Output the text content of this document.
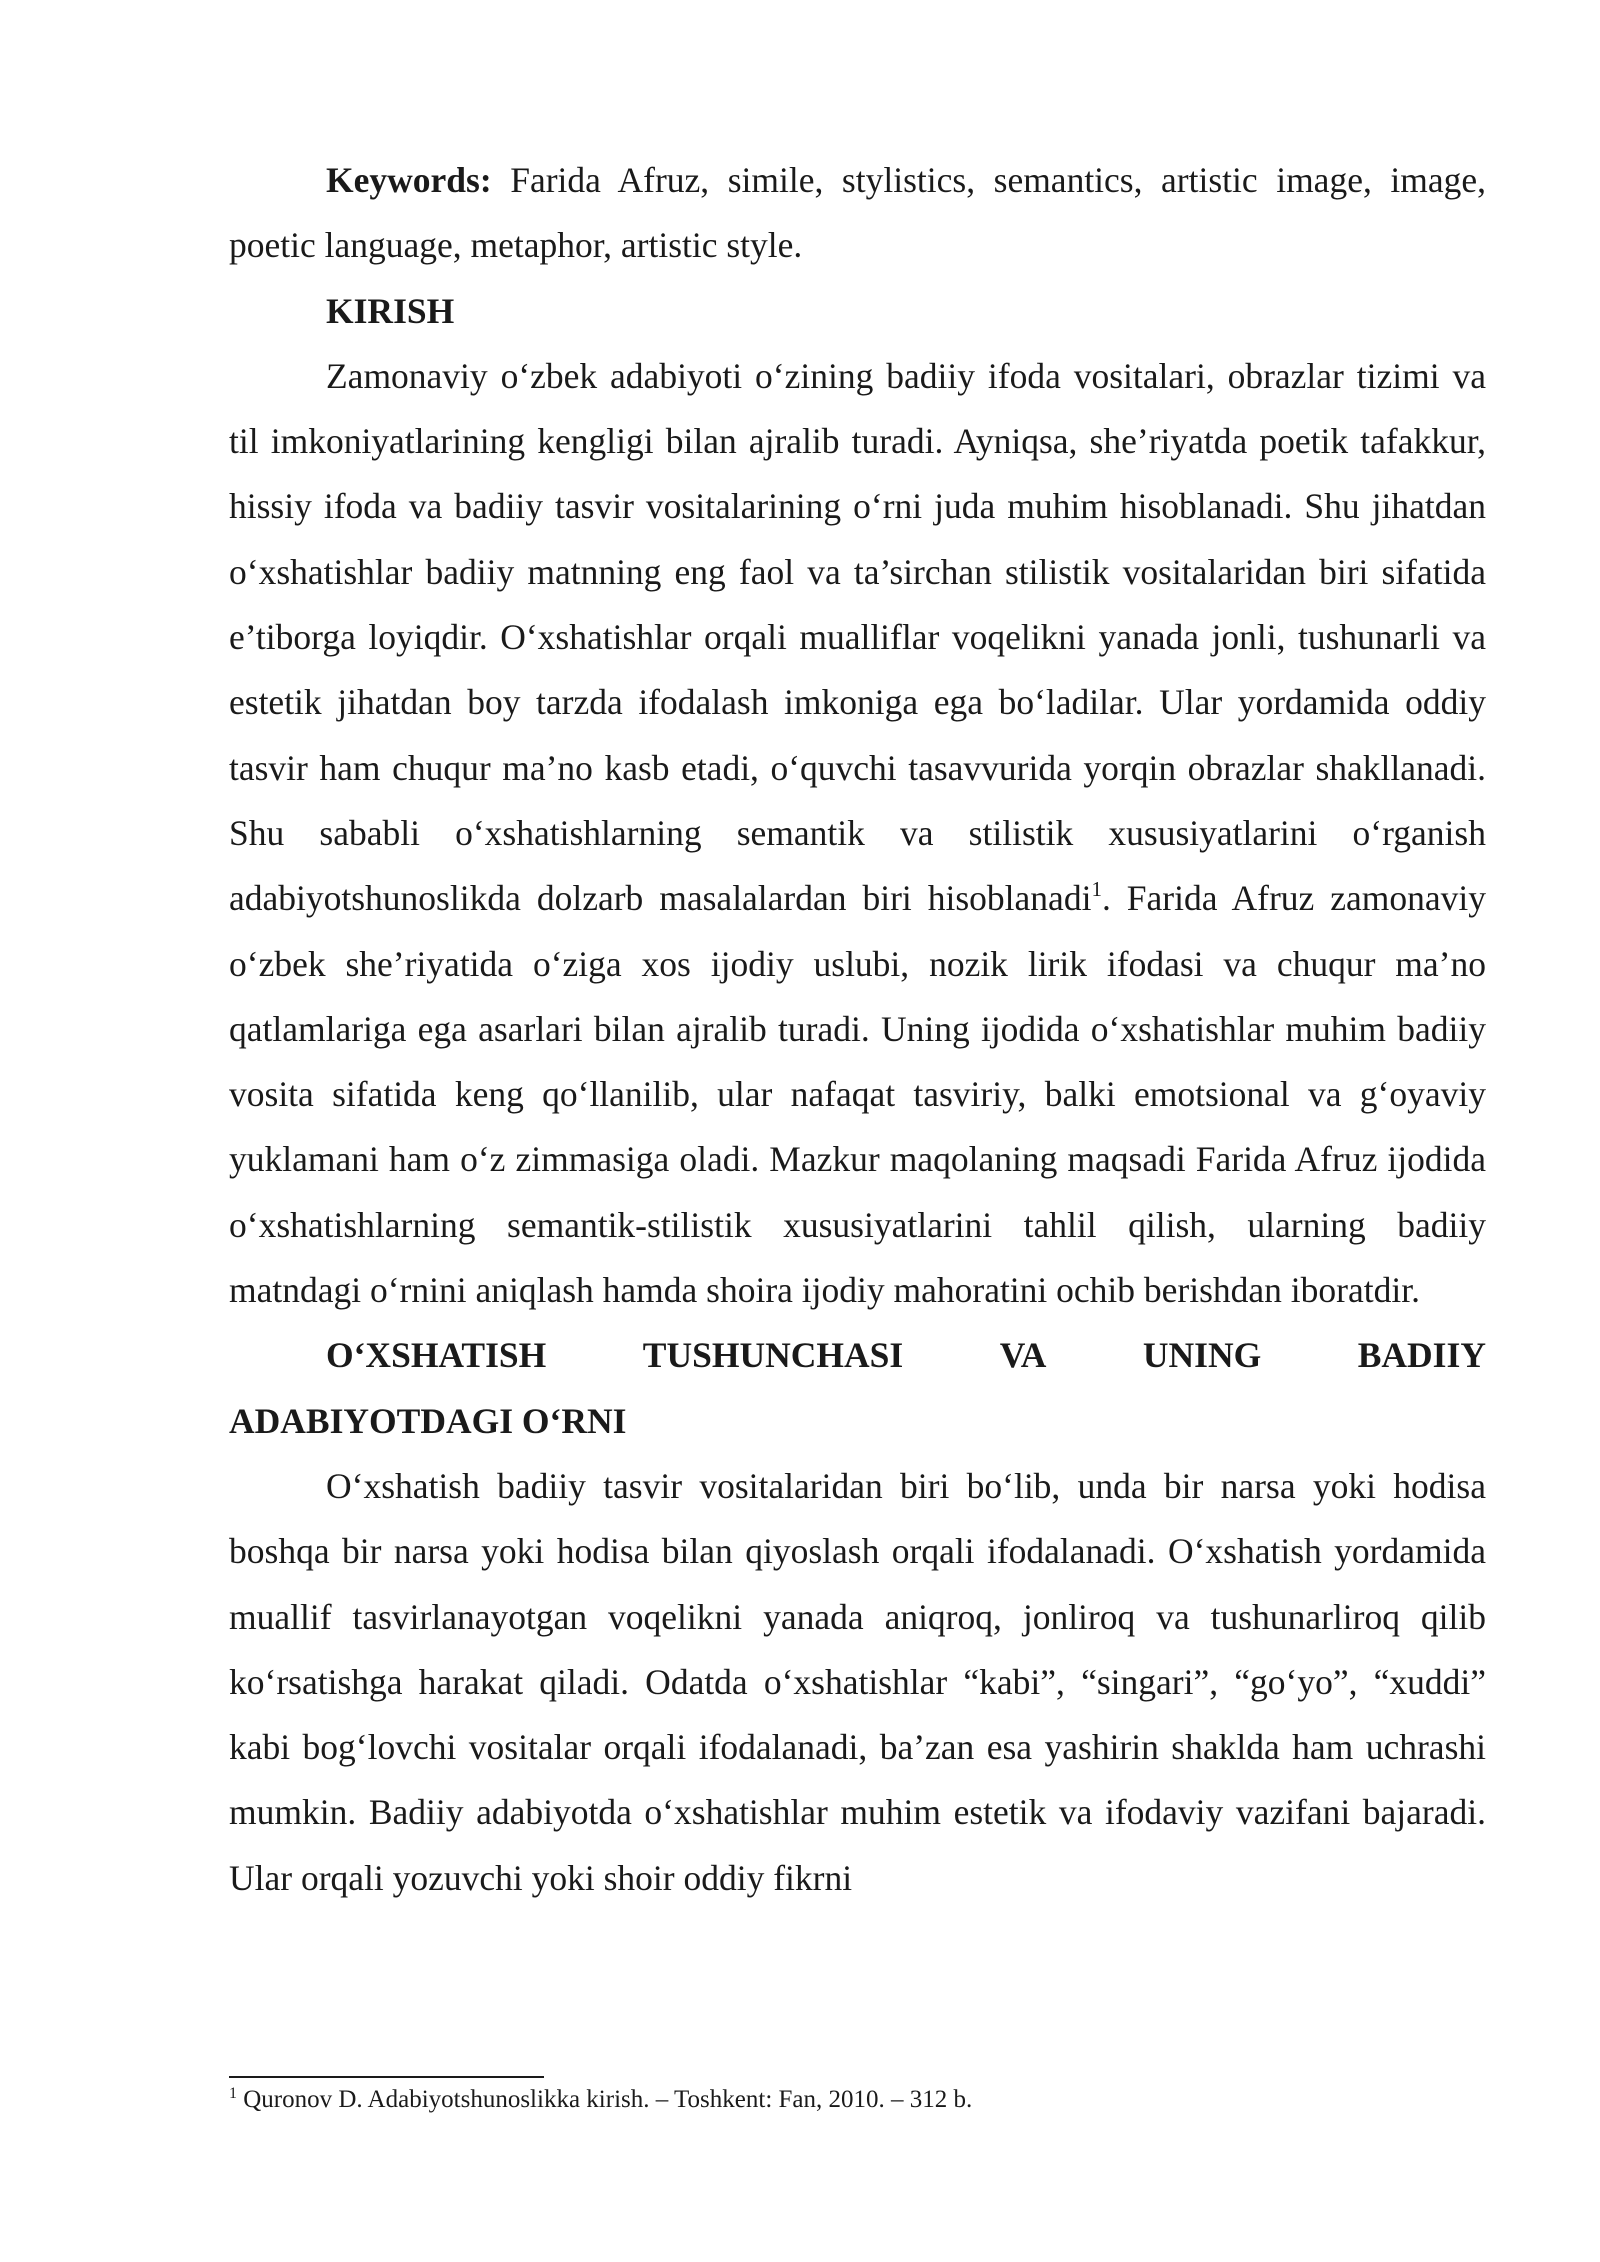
Keywords: Farida Afruz, simile, stylistics, semantics, artistic image, image, poetic language, metaphor, artistic style.

KIRISH

Zamonaviy o‘zbek adabiyoti o‘zining badiiy ifoda vositalari, obrazlar tizimi va til imkoniyatlarining kengligi bilan ajralib turadi. Ayniqsa, she’riyatda poetik tafakkur, hissiy ifoda va badiiy tasvir vositalarining o‘rni juda muhim hisoblanadi. Shu jihatdan o‘xshatishlar badiiy matnning eng faol va ta’sirchan stilistik vositalaridan biri sifatida e’tiborga loyiqdir. O‘xshatishlar orqali mualliflar voqelikni yanada jonli, tushunarli va estetik jihatdan boy tarzda ifodalash imkoniga ega bo‘ladilar. Ular yordamida oddiy tasvir ham chuqur ma’no kasb etadi, o‘quvchi tasavvurida yorqin obrazlar shakllanadi. Shu sababli o‘xshatishlarning semantik va stilistik xususiyatlarini o‘rganish adabiyotshunoslikda dolzarb masalalardan biri hisoblanadi$^1$. Farida Afruz zamonaviy o‘zbek she’riyatida o‘ziga xos ijodiy uslubi, nozik lirik ifodasi va chuqur ma’no qatlamlariga ega asarlari bilan ajralib turadi. Uning ijodida o‘xshatishlar muhim badiiy vosita sifatida keng qo‘llanilib, ular nafaqat tasviriy, balki emotsional va g‘oyaviy yuklamani ham o‘z zimmasiga oladi. Mazkur maqolaning maqsadi Farida Afruz ijodida o‘xshatishlarning semantik-stilistik xususiyatlarini tahlil qilish, ularning badiiy matndagi o‘rnini aniqlash hamda shoira ijodiy mahoratini ochib berishdan iboratdir.

O‘XSHATISH	TUSHUNCHASI	VA	UNING	BADIIY
ADABIYOTDAGI O‘RNI

O‘xshatish badiiy tasvir vositalaridan biri bo‘lib, unda bir narsa yoki hodisa boshqa bir narsa yoki hodisa bilan qiyoslash orqali ifodalanadi. O‘xshatish yordamida muallif tasvirlanayotgan voqelikni yanada aniqroq, jonliroq va tushunarliroq qilib ko‘rsatishga harakat qiladi. Odatda o‘xshatishlar “kabi”, “singari”, “go‘yo”, “xuddi” kabi bog‘lovchi vositalar orqali ifodalanadi, ba’zan esa yashirin shaklda ham uchrashi mumkin. Badiiy adabiyotda o‘xshatishlar muhim estetik va ifodaviy vazifani bajaradi. Ular orqali yozuvchi yoki shoir oddiy fikrni

$^1$ Quronov D. Adabiyotshunoslikka kirish. – Toshkent: Fan, 2010. – 312 b.
